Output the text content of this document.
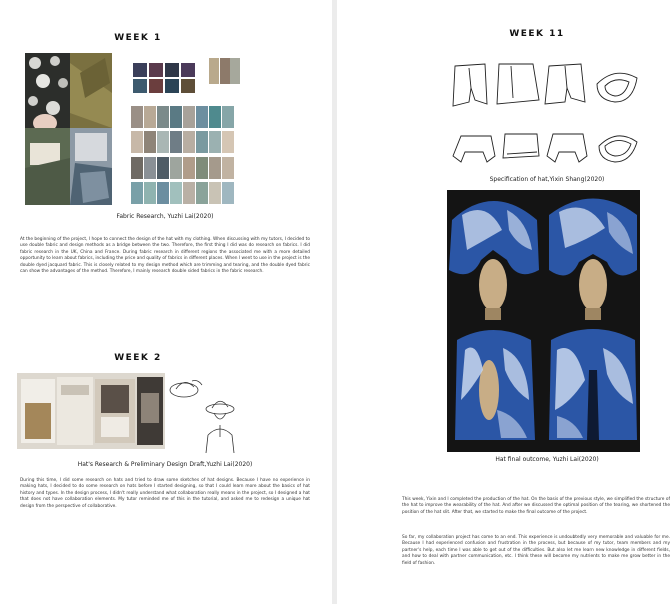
WEEK 1
Fabric Research, Yuzhi Lai(2020)

At the beginning of the project, I hope to connect the design of the hat with my clothing. When discussing with my tutors, I decided to use double fabric and design methods as a bridge between the two. Therefore, the first thing I did was do research on fabrics. I did fabric research in the UK, China and France. During fabric research in different regions the associated me with a more detailed opportunity to learn about fabrics, including the price and quality of fabrics in different places. When I went to use in the project is the double dyed jacquard fabric. This is closely related to my design method which are trimming and tearing, and the double dyed fabric can show the advantages of the method. Therefore, I mainly research double sided fabrics in the fabric research.

WEEK 2
Hat's Research & Preliminary Design Draft,Yuzhi Lai(2020)

During this time, I did some research on hats and tried to draw some sketches of hat designs. Because I have no experience in making hats, I decided to do some research on hats before I started designing, so that I could learn more about the basics of hat history and types. In the design process, I didn't really understand what collaboration really means in the project, so I designed a hat that does not have collaboration elements. My tutor reminded me of this in the tutorial, and asked me to redesign a unique hat design from the perspective of collaborative.

WEEK 11
Specification of hat,Yixin Shang(2020)
Hat final outcome, Yuzhi Lai(2020)

This week, Yixin and I completed the production of the hat. On the basis of the previous style, we simplified the structure of the hat to improve the wearability of the hat. And after we discussed the optimal position of the tearing, we shortened the position of the hat slit. After that, we started to make the final outcome of the project.

So far, my collaboration project has come to an end. This experience is undoubtedly very memorable and valuable for me. Because I had experienced confusion and frustration in the process, but because of my tutor, team members and my partner's help, each time I was able to get out of the difficulties. But also let me learn new knowledge in different fields, and how to deal with partner communication, etc. I think these will become my nutrients to make me grow better in the field of fashion.
